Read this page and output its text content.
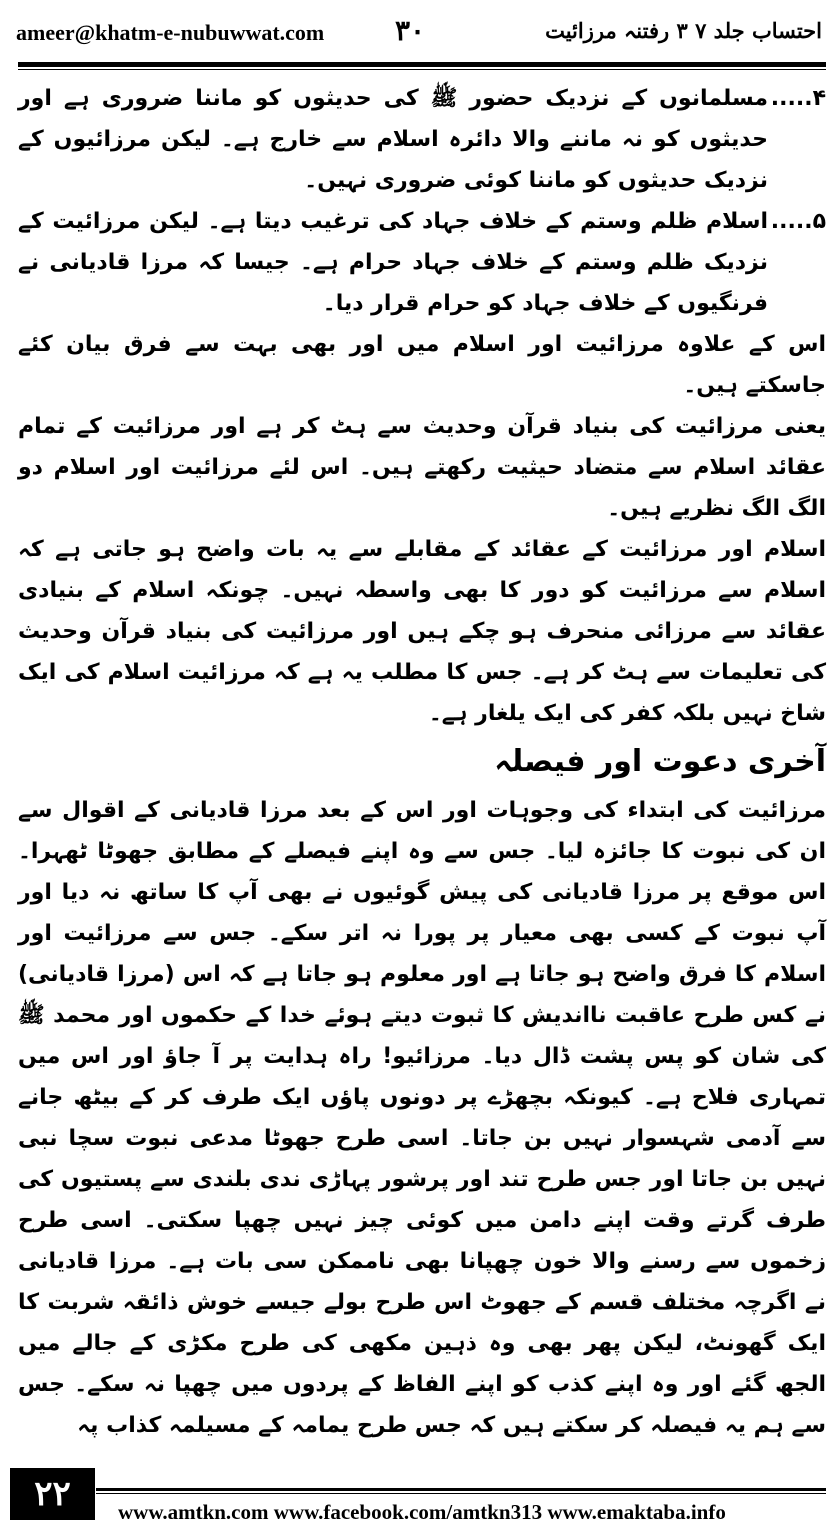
ameer@khatm-e-nubuwwat.com	۳۰	احتساب جلد ۷ ۳ رفتنہ مرزائیت
۴.....
مسلمانوں کے نزدیک حضور ﷺ کی حدیثوں کو ماننا ضروری ہے اور حدیثوں کو نہ ماننے والا دائرہ اسلام سے خارج ہے۔ لیکن مرزائیوں کے نزدیک حدیثوں کو ماننا کوئی ضروری نہیں۔
۵.....
اسلام ظلم وستم کے خلاف جہاد کی ترغیب دیتا ہے۔ لیکن مرزائیت کے نزدیک ظلم وستم کے خلاف جہاد حرام ہے۔ جیسا کہ مرزا قادیانی نے فرنگیوں کے خلاف جہاد کو حرام قرار دیا۔

اس کے علاوہ مرزائیت اور اسلام میں اور بھی بہت سے فرق بیان کئے جاسکتے ہیں۔

یعنی مرزائیت کی بنیاد قرآن وحدیث سے ہٹ کر ہے اور مرزائیت کے تمام عقائد اسلام سے متضاد حیثیت رکھتے ہیں۔ اس لئے مرزائیت اور اسلام دو الگ الگ نظریے ہیں۔

اسلام اور مرزائیت کے عقائد کے مقابلے سے یہ بات واضح ہو جاتی ہے کہ اسلام سے مرزائیت کو دور کا بھی واسطہ نہیں۔ چونکہ اسلام کے بنیادی عقائد سے مرزائی منحرف ہو چکے ہیں اور مرزائیت کی بنیاد قرآن وحدیث کی تعلیمات سے ہٹ کر ہے۔ جس کا مطلب یہ ہے کہ مرزائیت اسلام کی ایک شاخ نہیں بلکہ کفر کی ایک یلغار ہے۔

آخری دعوت اور فیصلہ

مرزائیت کی ابتداء کی وجوہات اور اس کے بعد مرزا قادیانی کے اقوال سے ان کی نبوت کا جائزہ لیا۔ جس سے وہ اپنے فیصلے کے مطابق جھوٹا ٹھہرا۔ اس موقع پر مرزا قادیانی کی پیش گوئیوں نے بھی آپ کا ساتھ نہ دیا اور آپ نبوت کے کسی بھی معیار پر پورا نہ اتر سکے۔ جس سے مرزائیت اور اسلام کا فرق واضح ہو جاتا ہے اور معلوم ہو جاتا ہے کہ اس (مرزا قادیانی) نے کس طرح عاقبت نااندیش کا ثبوت دیتے ہوئے خدا کے حکموں اور محمد ﷺ کی شان کو پس پشت ڈال دیا۔ مرزائیو! راہ ہدایت پر آ جاؤ اور اس میں تمہاری فلاح ہے۔ کیونکہ بچھڑے پر دونوں پاؤں ایک طرف کر کے بیٹھ جانے سے آدمی شہسوار نہیں بن جاتا۔ اسی طرح جھوٹا مدعی نبوت سچا نبی نہیں بن جاتا اور جس طرح تند اور پرشور پہاڑی ندی بلندی سے پستیوں کی طرف گرتے وقت اپنے دامن میں کوئی چیز نہیں چھپا سکتی۔ اسی طرح زخموں سے رسنے والا خون چھپانا بھی ناممکن سی بات ہے۔ مرزا قادیانی نے اگرچہ مختلف قسم کے جھوٹ اس طرح بولے جیسے خوش ذائقہ شربت کا ایک گھونٹ، لیکن پھر بھی وہ ذہین مکھی کی طرح مکڑی کے جالے میں الجھ گئے اور وہ اپنے کذب کو اپنے الفاظ کے پردوں میں چھپا نہ سکے۔ جس سے ہم یہ فیصلہ کر سکتے ہیں کہ جس طرح یمامہ کے مسیلمہ کذاب پہ

۲۲	www.amtkn.com www.facebook.com/amtkn313 www.emaktaba.info
